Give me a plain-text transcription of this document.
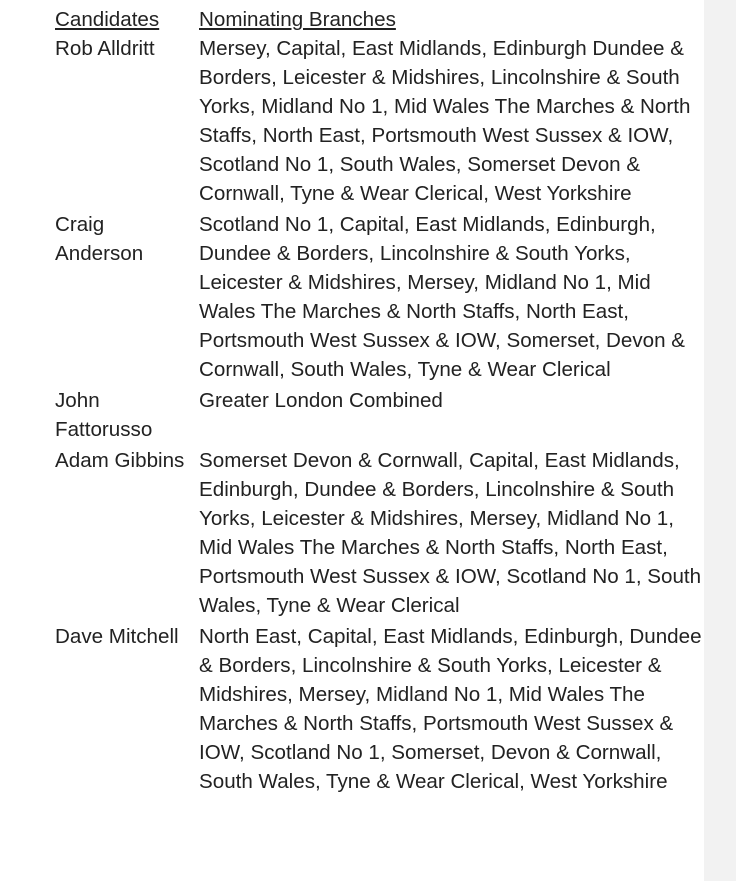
Candidates	Nominating Branches
Rob Alldritt	Mersey, Capital, East Midlands, Edinburgh Dundee & Borders, Leicester & Midshires, Lincolnshire & South Yorks, Midland No 1, Mid Wales The Marches & North Staffs, North East, Portsmouth West Sussex & IOW, Scotland No 1, South Wales, Somerset Devon & Cornwall, Tyne & Wear Clerical, West Yorkshire
Craig Anderson	Scotland No 1, Capital, East Midlands, Edinburgh, Dundee & Borders, Lincolnshire & South Yorks, Leicester & Midshires, Mersey, Midland No 1, Mid Wales The Marches & North Staffs, North East, Portsmouth West Sussex & IOW, Somerset, Devon & Cornwall, South Wales, Tyne & Wear Clerical
John Fattorusso	Greater London Combined
Adam Gibbins	Somerset Devon & Cornwall, Capital, East Midlands, Edinburgh, Dundee & Borders, Lincolnshire & South Yorks, Leicester & Midshires, Mersey, Midland No 1, Mid Wales The Marches & North Staffs, North East, Portsmouth West Sussex & IOW, Scotland No 1, South Wales, Tyne & Wear Clerical
Dave Mitchell	North East, Capital, East Midlands, Edinburgh, Dundee & Borders, Lincolnshire & South Yorks, Leicester & Midshires, Mersey, Midland No 1, Mid Wales The Marches & North Staffs, Portsmouth West Sussex & IOW, Scotland No 1, Somerset, Devon & Cornwall, South Wales, Tyne & Wear Clerical, West Yorkshire
